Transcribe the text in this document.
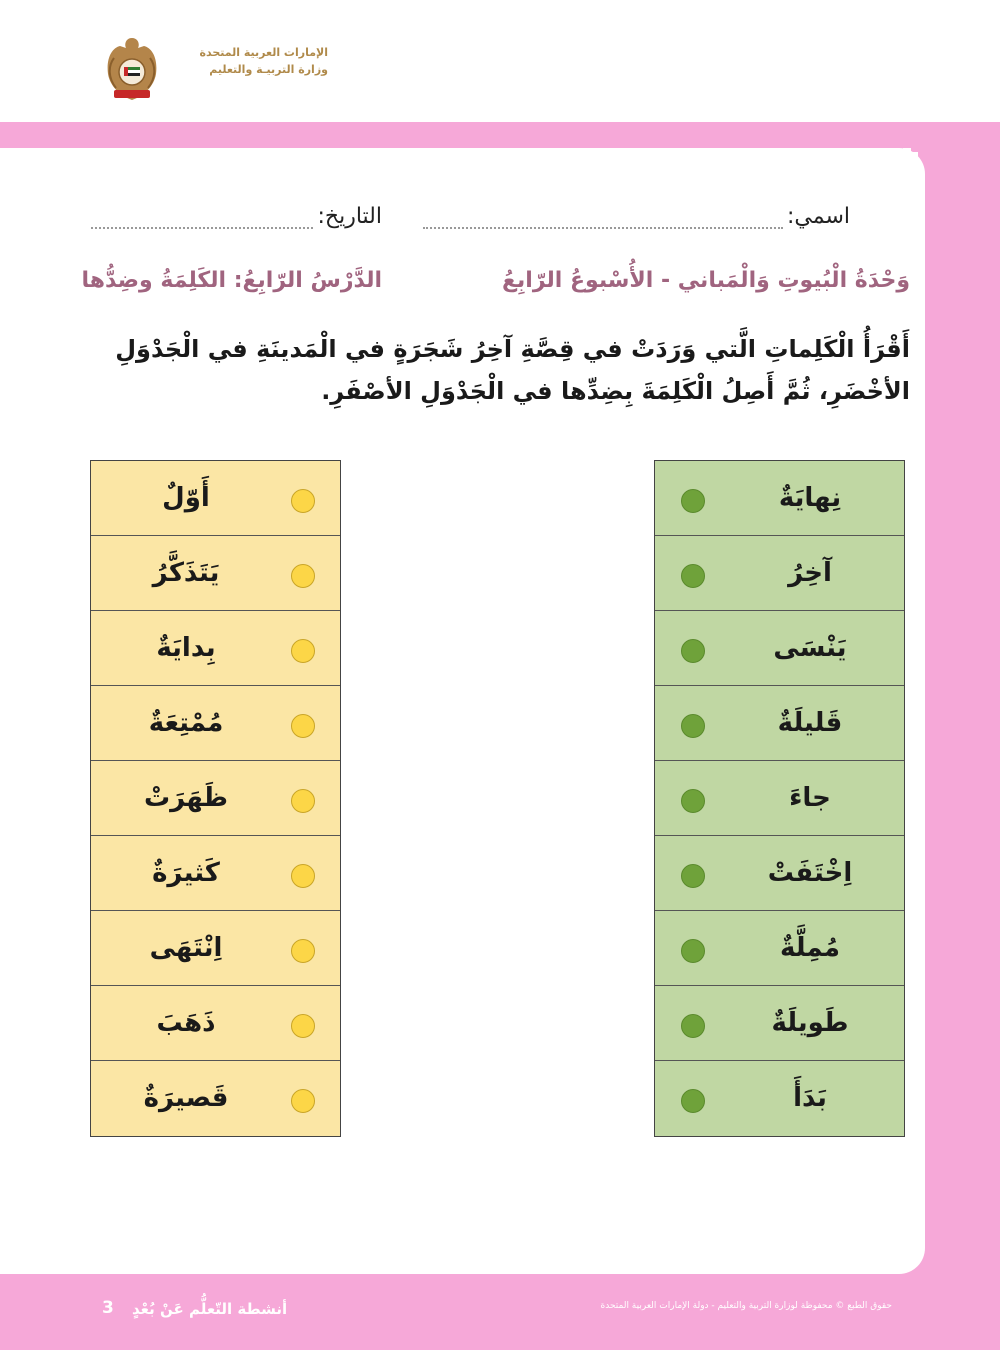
الإمارات العربية المتحدة
وزارة التربيـة والتعليم
اسمي:
التاريخ:
وَحْدَةُ الْبُيوتِ وَالْمَباني - الأُسْبوعُ الرّابِعُ
الدَّرْسُ الرّابِعُ: الكَلِمَةُ وضِدُّها
أَقْرَأُ الْكَلِماتِ الَّتي وَرَدَتْ في قِصَّةِ آخِرُ شَجَرَةٍ في الْمَدينَةِ في الْجَدْوَلِ الأخْضَرِ، ثُمَّ أَصِلُ الْكَلِمَةَ بِضِدِّها في الْجَدْوَلِ الأصْفَرِ.
نِهايَةٌ
آخِرُ
يَنْسَى
قَليلَةٌ
جاءَ
اِخْتَفَتْ
مُمِلَّةٌ
طَويلَةٌ
بَدَأَ
أَوّلٌ
يَتَذَكَّرُ
بِدايَةٌ
مُمْتِعَةٌ
ظَهَرَتْ
كَثيرَةٌ
اِنْتَهَى
ذَهَبَ
قَصيرَةٌ
3 أنشطة التّعلُّم عَنْ بُعْدٍ	حقوق الطبع © محفوظة لوزارة التربية والتعليم - دولة الإمارات العربية المتحدة
